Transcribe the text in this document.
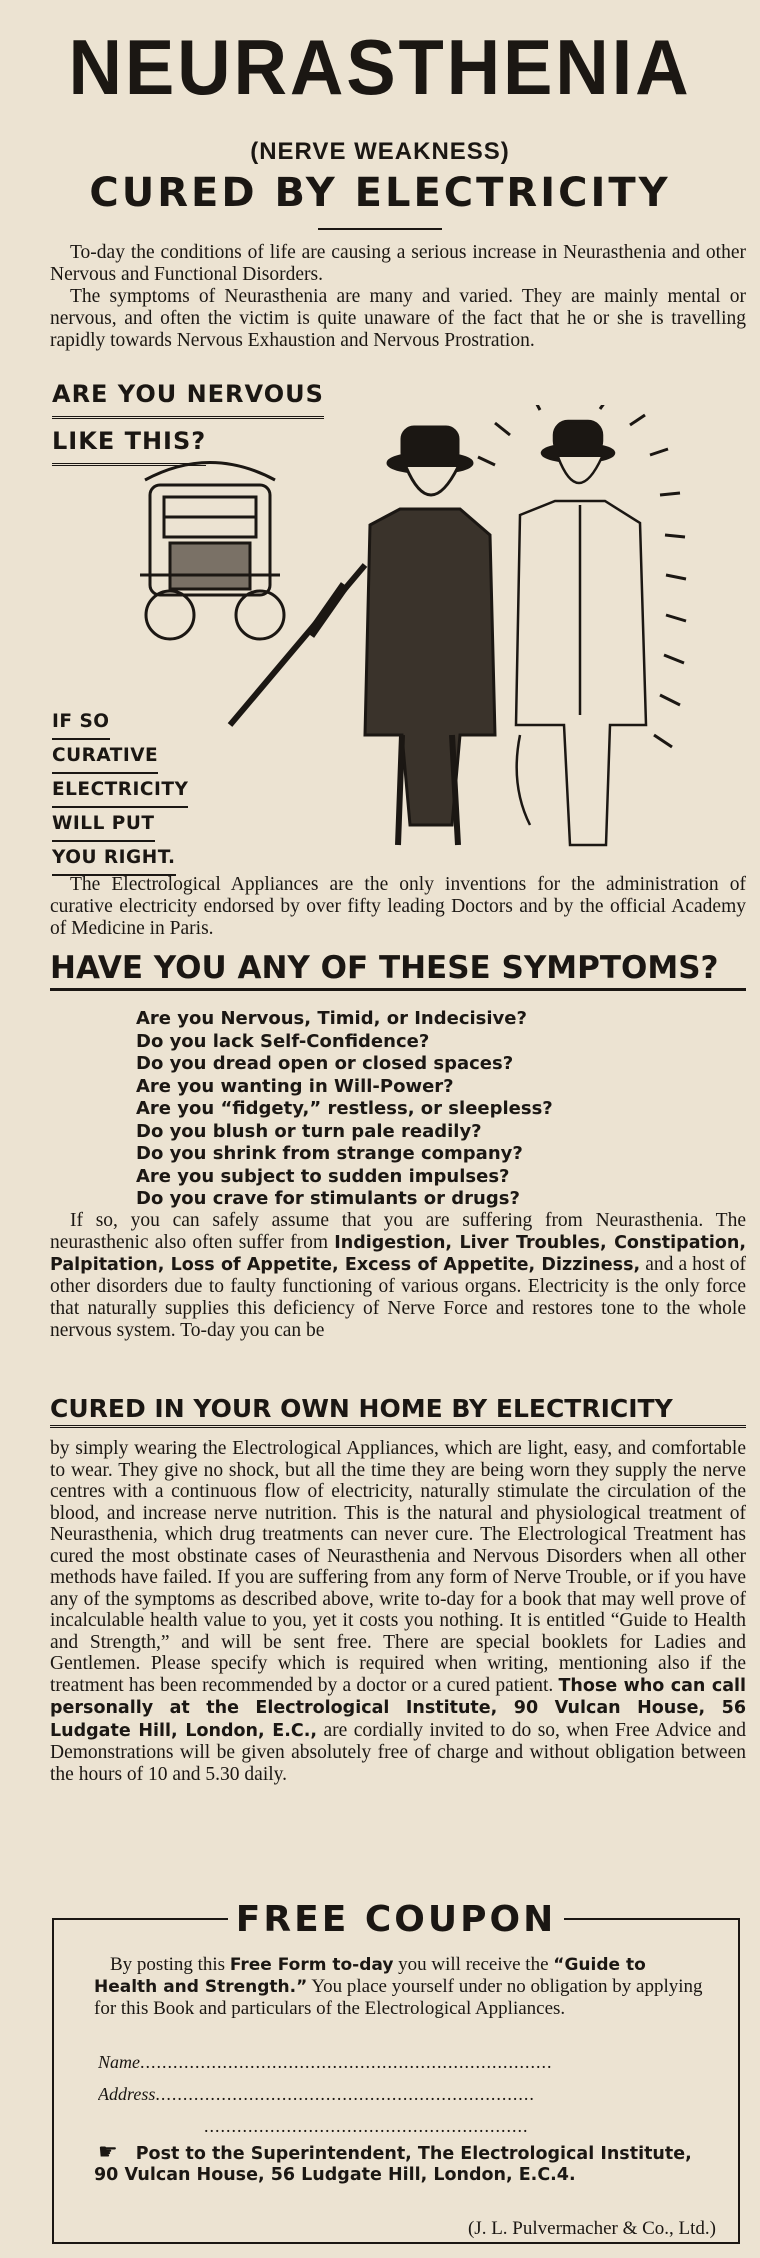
NEURASTHENIA
(NERVE WEAKNESS)
CURED BY ELECTRICITY

To-day the conditions of life are causing a serious increase in Neurasthenia and other Nervous and Functional Disorders.

The symptoms of Neurasthenia are many and varied. They are mainly mental or nervous, and often the victim is quite unaware of the fact that he or she is travelling rapidly towards Nervous Exhaustion and Nervous Prostration.

ARE YOU NERVOUS
LIKE THIS?
IF SO
CURATIVE
ELECTRICITY
WILL PUT
YOU RIGHT.

The Electrological Appliances are the only inventions for the administration of curative electricity endorsed by over fifty leading Doctors and by the official Academy of Medicine in Paris.

HAVE YOU ANY OF THESE SYMPTOMS?
Are you Nervous, Timid, or Indecisive?
Do you lack Self-Confidence?
Do you dread open or closed spaces?
Are you wanting in Will-Power?
Are you “fidgety,” restless, or sleepless?
Do you blush or turn pale readily?
Do you shrink from strange company?
Are you subject to sudden impulses?
Do you crave for stimulants or drugs?

If so, you can safely assume that you are suffering from Neurasthenia. The neurasthenic also often suffer from Indigestion, Liver Troubles, Constipation, Palpitation, Loss of Appetite, Excess of Appetite, Dizziness, and a host of other disorders due to faulty functioning of various organs. Electricity is the only force that naturally supplies this deficiency of Nerve Force and restores tone to the whole nervous system. To-day you can be

CURED IN YOUR OWN HOME BY ELECTRICITY

by simply wearing the Electrological Appliances, which are light, easy, and comfortable to wear. They give no shock, but all the time they are being worn they supply the nerve centres with a continuous flow of electricity, naturally stimulate the circulation of the blood, and increase nerve nutrition. This is the natural and physiological treatment of Neurasthenia, which drug treatments can never cure. The Electrological Treatment has cured the most obstinate cases of Neurasthenia and Nervous Disorders when all other methods have failed. If you are suffering from any form of Nerve Trouble, or if you have any of the symptoms as described above, write to-day for a book that may well prove of incalculable health value to you, yet it costs you nothing. It is entitled “Guide to Health and Strength,” and will be sent free. There are special booklets for Ladies and Gentlemen. Please specify which is required when writing, mentioning also if the treatment has been recommended by a doctor or a cured patient. Those who can call personally at the Electrological Institute, 90 Vulcan House, 56 Ludgate Hill, London, E.C., are cordially invited to do so, when Free Advice and Demonstrations will be given absolutely free of charge and without obligation between the hours of 10 and 5.30 daily.

FREE COUPON

By posting this Free Form to-day you will receive the “Guide to Health and Strength.” You place yourself under no obligation by applying for this Book and particulars of the Electrological Appliances.

Name...........................................................................
Address.....................................................................
...........................................................

☛ Post to the Superintendent, The Electrological Institute, 90 Vulcan House, 56 Ludgate Hill, London, E.C.4.

(J. L. Pulvermacher & Co., Ltd.)
